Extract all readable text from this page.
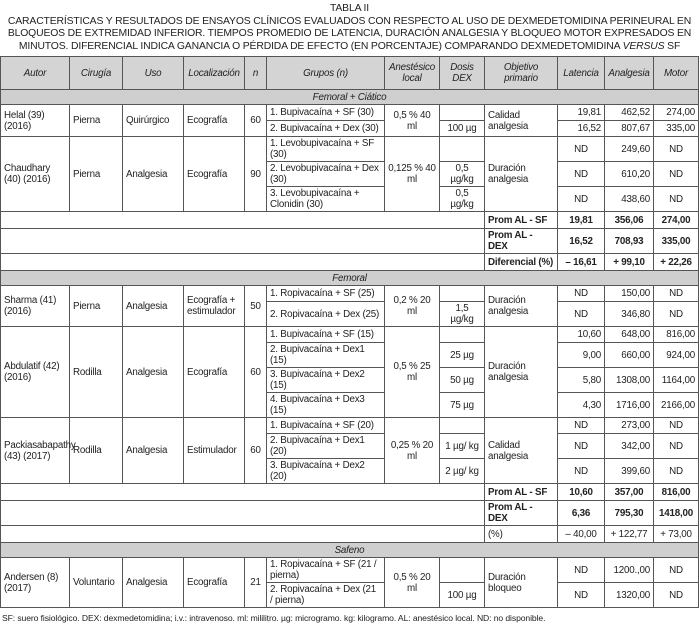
TABLA II
CARACTERÍSTICAS Y RESULTADOS DE ENSAYOS CLÍNICOS EVALUADOS CON RESPECTO AL USO DE DEXMEDETOMIDINA PERINEURAL EN BLOQUEOS DE EXTREMIDAD INFERIOR. TIEMPOS PROMEDIO DE LATENCIA, DURACIÓN ANALGESIA Y BLOQUEO MOTOR EXPRESADOS EN MINUTOS. DIFERENCIAL INDICA GANANCIA O PÉRDIDA DE EFECTO (EN PORCENTAJE) COMPARANDO DEXMEDETOMIDINA VERSUS SF
Autor	Cirugía	Uso	Localización	n	Grupos (n)	Anestésico local	Dosis DEX	Objetivo primario	Latencia	Analgesia	Motor
Femoral + Ciático											
Helal (39) (2016)	Pierna	Quirúrgico	Ecografía	60	1. Bupivacaína + SF (30)	0,5 % 40 ml		Calidad analgesia	19,81	462,52	274,00
					2. Bupivacaína + Dex (30)		100 µg		16,52	807,67	335,00
Chaudhary (40) (2016)	Pierna	Analgesia	Ecografía	90	1. Levobupivacaína + SF (30)	0,125 % 40 ml		Duración analgesia	ND	249,60	ND
					2. Levobupivacaína + Dex (30)		0,5 µg/kg		ND	610,20	ND
					3. Levobupivacaína + Clonidin (30)		0,5 µg/kg		ND	438,60	ND
								Prom AL - SF	19,81	356,06	274,00
								Prom AL - DEX	16,52	708,93	335,00
								Diferencial (%)	– 16,61	+ 99,10	+ 22,26
Femoral											
Sharma (41) (2016)	Pierna	Analgesia	Ecografía + estimulador	50	1. Ropivacaína + SF (25)	0,2 % 20 ml		Duración analgesia	ND	150,00	ND
					2. Ropivacaína + Dex (25)		1,5 µg/kg		ND	346,80	ND
Abdulatif (42) (2016)	Rodilla	Analgesia	Ecografía	60	1. Bupivacaína + SF (15)	0,5 % 25 ml		Duración analgesia	10,60	648,00	816,00
					2. Bupivacaína + Dex1 (15)		25 µg		9,00	660,00	924,00
					3. Bupivacaína + Dex2 (15)		50 µg		5,80	1308,00	1164,00
					4. Bupivacaína + Dex3 (15)		75 µg		4,30	1716,00	2166,00
Packiasabapathy (43) (2017)	Rodilla	Analgesia	Estimulador	60	1. Bupivacaína + SF (20)	0,25 % 20 ml		Calidad analgesia	ND	273,00	ND
					2. Bupivacaína + Dex1 (20)		1 µg/ kg		ND	342,00	ND
					3. Bupivacaína + Dex2 (20)		2 µg/ kg		ND	399,60	ND
								Prom AL - SF	10,60	357,00	816,00
								Prom AL - DEX	6,36	795,30	1418,00
								(%)	– 40,00	+ 122,77	+ 73,00
Safeno											
Andersen (8) (2017)	Voluntario	Analgesia	Ecografía	21	1. Ropivacaína + SF (21 / pierna)	0,5 % 20 ml		Duración bloqueo	ND	1200.,00	ND
					2. Ropivacaína + Dex (21 / pierna)		100 µg		ND	1320,00	ND
SF: suero fisiológico. DEX: dexmedetomidina; i.v.: intravenoso. ml: mililitro. µg: microgramo. kg: kilogramo. AL: anestésico local. ND: no disponible.
